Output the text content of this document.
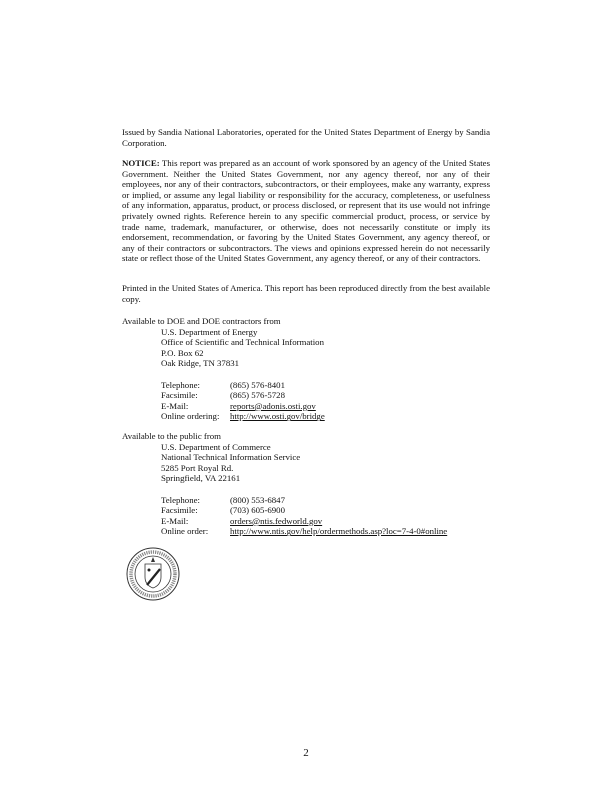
Issued by Sandia National Laboratories, operated for the United States Department of Energy by Sandia Corporation.

NOTICE: This report was prepared as an account of work sponsored by an agency of the United States Government. Neither the United States Government, nor any agency thereof, nor any of their employees, nor any of their contractors, subcontractors, or their employees, make any warranty, express or implied, or assume any legal liability or responsibility for the accuracy, completeness, or usefulness of any information, apparatus, product, or process disclosed, or represent that its use would not infringe privately owned rights. Reference herein to any specific commercial product, process, or service by trade name, trademark, manufacturer, or otherwise, does not necessarily constitute or imply its endorsement, recommendation, or favoring by the United States Government, any agency thereof, or any of their contractors or subcontractors. The views and opinions expressed herein do not necessarily state or reflect those of the United States Government, any agency thereof, or any of their contractors.

Printed in the United States of America. This report has been reproduced directly from the best available copy.

Available to DOE and DOE contractors from
U.S. Department of Energy
Office of Scientific and Technical Information
P.O. Box 62
Oak Ridge, TN 37831
Telephone:	(865) 576-8401
Facsimile:	(865) 576-5728
E-Mail:	reports@adonis.osti.gov
Online ordering:	http://www.osti.gov/bridge
Available to the public from
U.S. Department of Commerce
National Technical Information Service
5285 Port Royal Rd.
Springfield, VA 22161
Telephone:	(800) 553-6847
Facsimile:	(703) 605-6900
E-Mail:	orders@ntis.fedworld.gov
Online order:	http://www.ntis.gov/help/ordermethods.asp?loc=7-4-0#online
2
